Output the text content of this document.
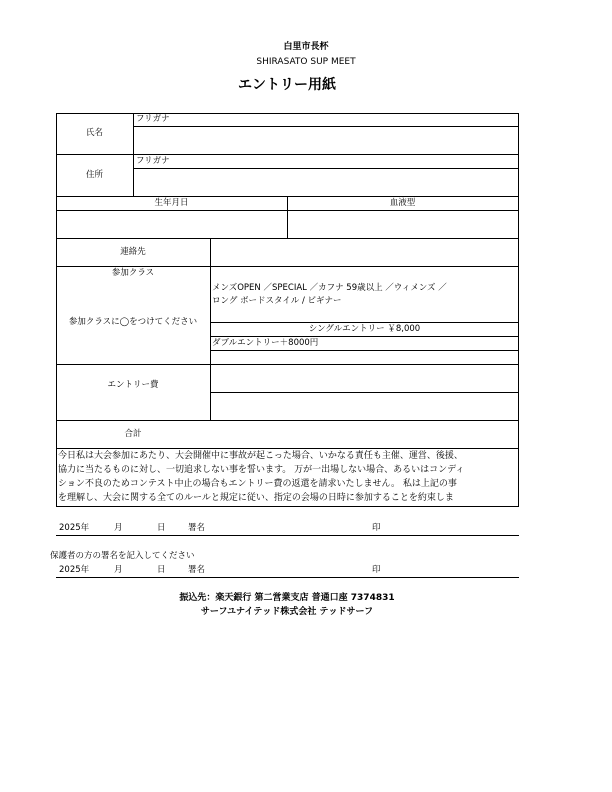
白里市長杯
SHIRASATO SUP MEET
エントリー用紙
氏名
フリガナ
住所
フリガナ
生年月日	血液型
連絡先
参加クラス
参加クラスに◯をつけてください
メンズOPEN ／SPECIAL ／カフナ 59歳以上 ／ウィメンズ ／
ロング ボードスタイル / ビギナー
シングルエントリー ￥8,000
ダブルエントリー＋8000円
エントリー費
合計
今日私は大会参加にあたり、大会開催中に事故が起こった場合、いかなる責任も主催、運営、後援、
協力に当たるものに対し、一切追求しない事を誓います。 万が一出場しない場合、あるいはコンディ
ション不良のためコンテスト中止の場合もエントリー費の返還を請求いたしません。 私は上記の事
を理解し、大会に関する全てのルールと規定に従い、指定の会場の日時に参加することを約束しま
2025年	月	日	署名	印
保護者の方の署名を記入してください
2025年	月	日	署名	印
振込先：楽天銀行 第二営業支店 普通口座 7374831
サーフユナイテッド株式会社 テッドサーフ
